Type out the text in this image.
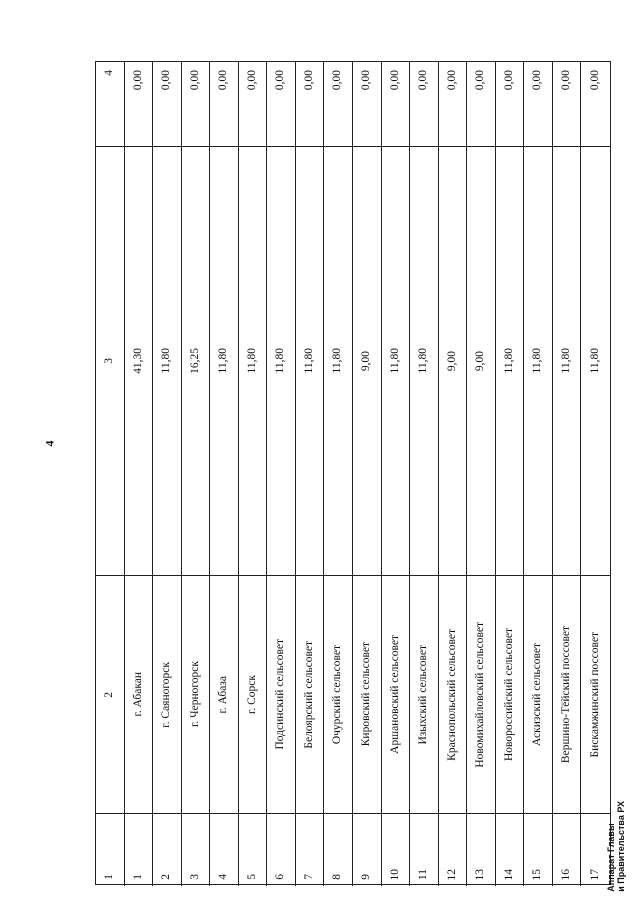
4
4
3
2
1
0,00
41,30
г. Абакан
1
0,00
11,80
г. Саяногорск
2
0,00
16,25
г. Черногорск
3
0,00
11,80
г. Абаза
4
0,00
11,80
г. Сорск
5
0,00
11,80
Подсинский сельсовет
6
0,00
11,80
Белоярский сельсовет
7
0,00
11,80
Очурский сельсовет
8
0,00
9,00
Кировский сельсовет
9
0,00
11,80
Аршановский сельсовет
10
0,00
11,80
Изыхский сельсовет
11
0,00
9,00
Краснопольский сельсовет
12
0,00
9,00
Новомихайловский сельсовет
13
0,00
11,80
Новороссийский сельсовет
14
0,00
11,80
Аскизский сельсовет
15
0,00
11,80
Вершино-Тёйский поссовет
16
0,00
11,80
Бискамжинский поссовет
17 Аппарат Главы и Правительства РХ
